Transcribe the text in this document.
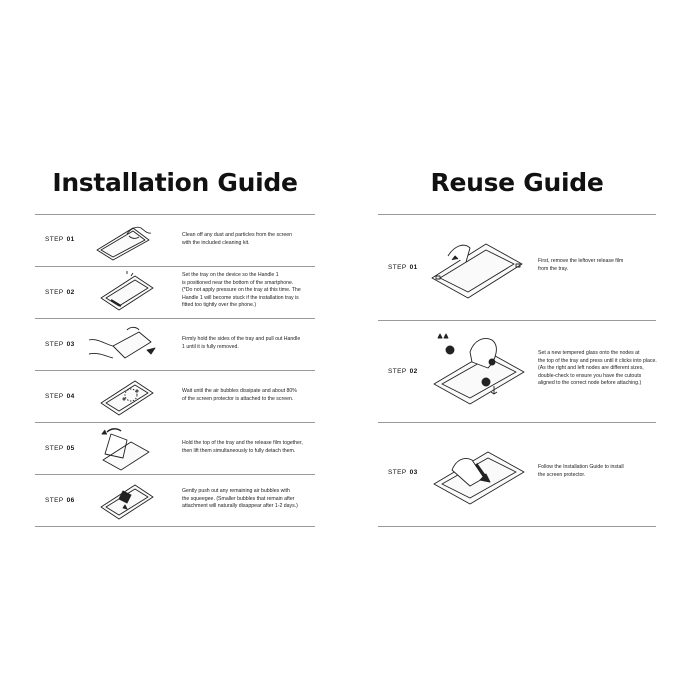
Installation Guide
STEP 01
Clean off any dust and particles from the screen
with the included cleaning kit.
STEP 02
Set the tray on the device so the Handle 1
is positioned near the bottom of the smartphone.
(*Do not apply pressure on the tray at this time. The
Handle 1 will become stuck if the installation tray is
fitted too tightly over the phone.)
STEP 03
Firmly hold the sides of the tray and pull out Handle
1 until it is fully removed.
STEP 04
Wait until the air bubbles dissipate and about 80%
of the screen protector is attached to the screen.
STEP 05
Hold the top of the tray and the release film together,
then lift them simultaneously to fully detach them.
STEP 06
Gently push out any remaining air bubbles with
the squeegee. (Smaller bubbles that remain after
attachment will naturally disappear after 1-2 days.)
Reuse Guide
STEP 01
First, remove the leftover release film
from the tray.
STEP 02
Set a new tempered glass onto the nodes at
the top of the tray and press until it clicks into place.
(As the right and left nodes are different sizes,
double-check to ensure you have the cutouts
aligned to the correct node before attaching.)
STEP 03
Follow the Installation Guide to install
the screen protector.
